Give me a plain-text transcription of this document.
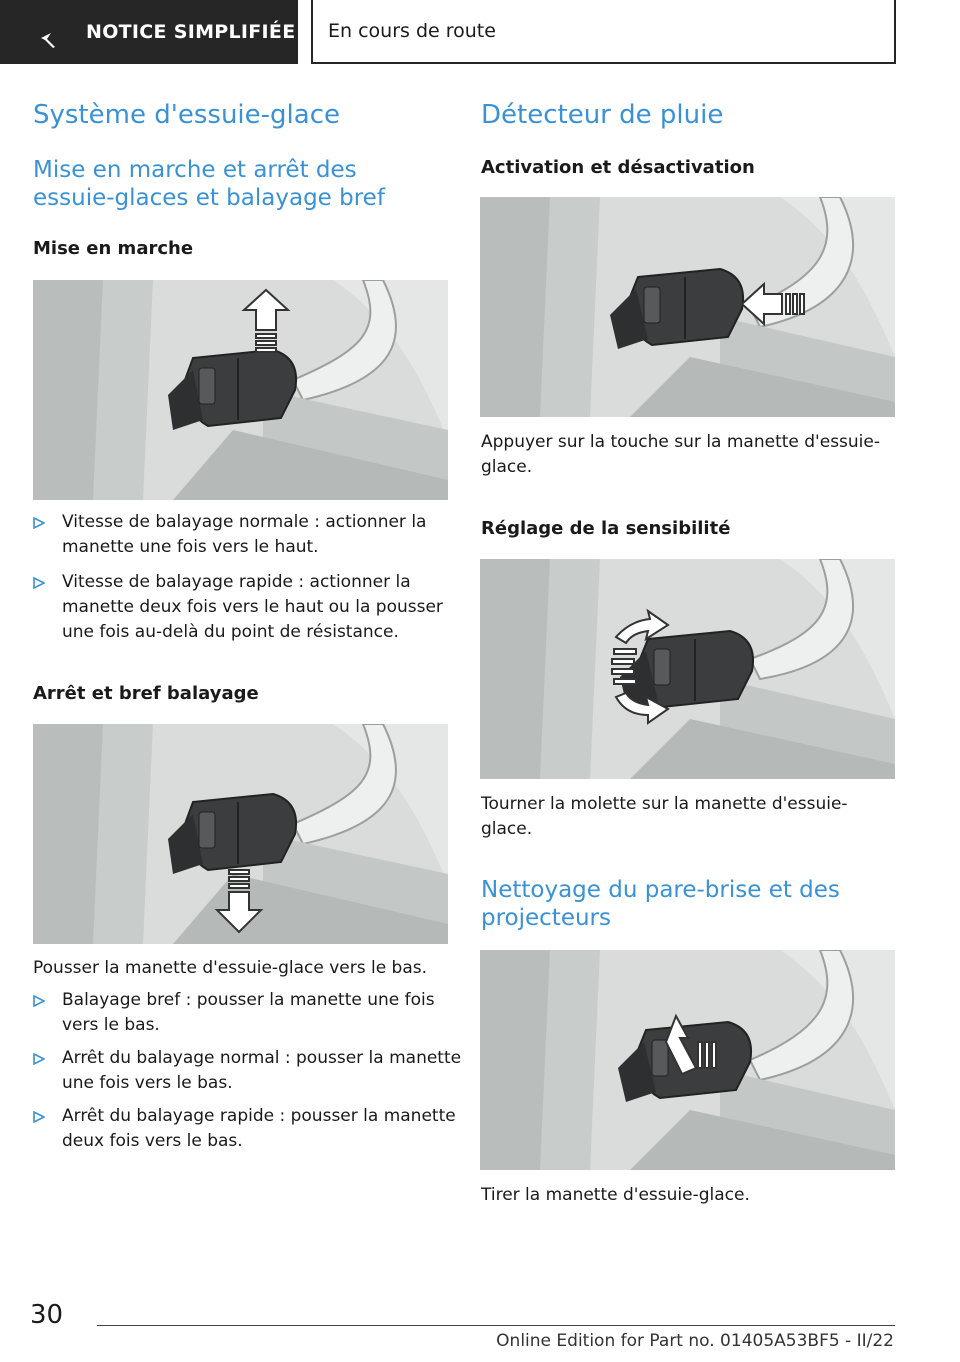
NOTICE SIMPLIFIÉE En cours de route
Système d'essuie-glace
Mise en marche et arrêt des essuie-glaces et balayage bref
Mise en marche
Vitesse de balayage normale : actionner la manette une fois vers le haut.
Vitesse de balayage rapide : actionner la manette deux fois vers le haut ou la pousser une fois au-delà du point de résistance.
Arrêt et bref balayage

Pousser la manette d'essuie-glace vers le bas.

Balayage bref : pousser la manette une fois vers le bas.
Arrêt du balayage normal : pousser la manette une fois vers le bas.
Arrêt du balayage rapide : pousser la manette deux fois vers le bas.
Détecteur de pluie
Activation et désactivation

Appuyer sur la touche sur la manette d'essuie-glace.

Réglage de la sensibilité

Tourner la molette sur la manette d'essuie-glace.

Nettoyage du pare-brise et des projecteurs

Tirer la manette d'essuie-glace.

30
Online Edition for Part no. 01405A53BF5 - II/22
